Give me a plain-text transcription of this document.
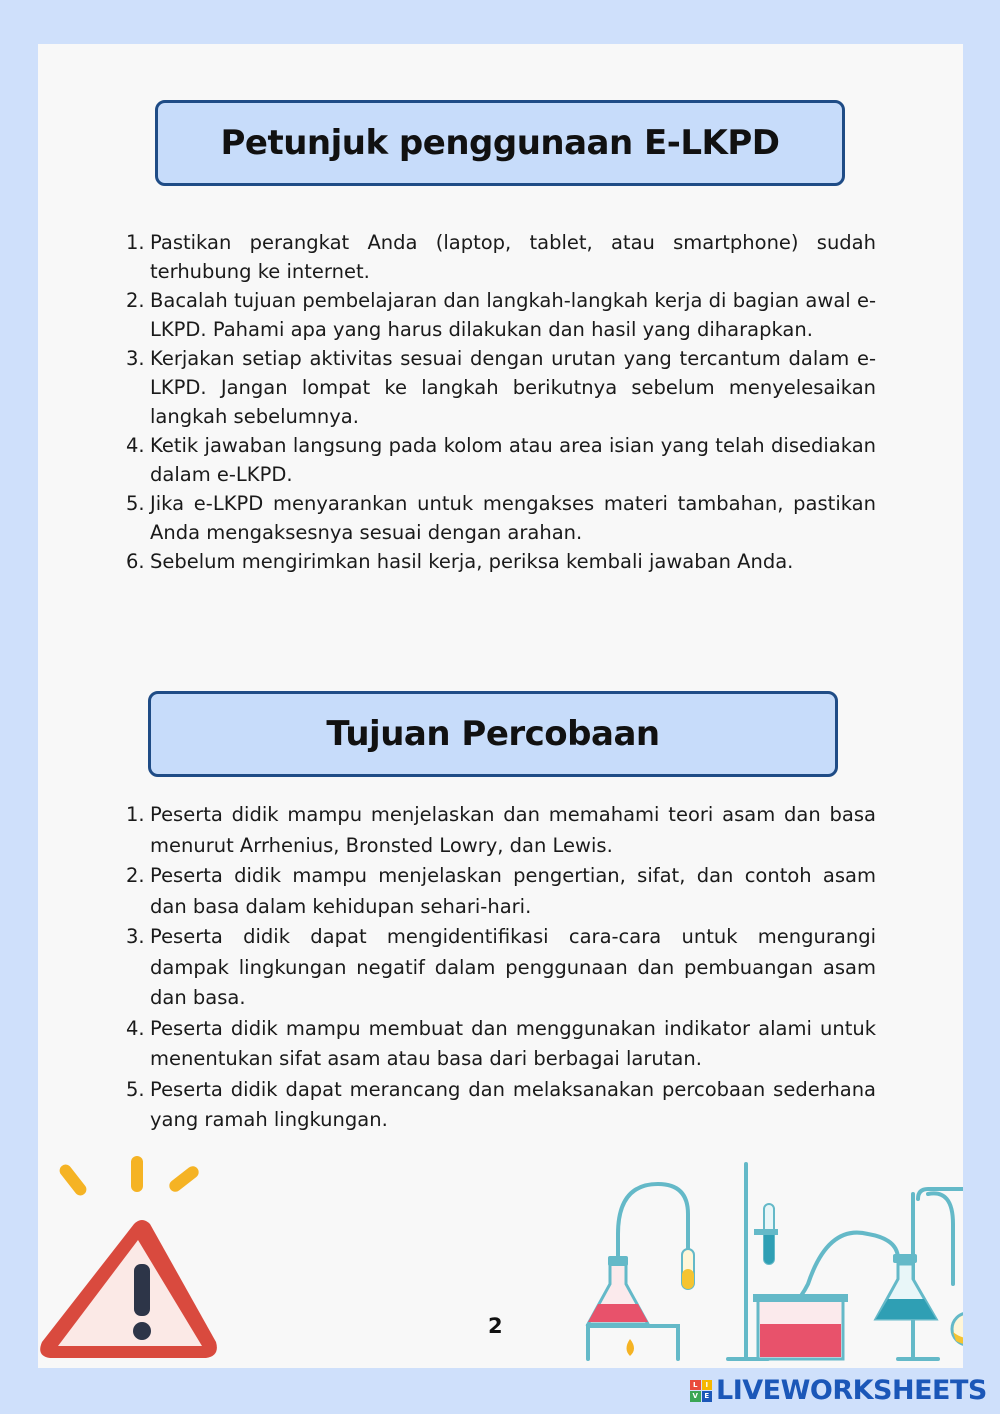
Petunjuk penggunaan E-LKPD
1. Pastikan perangkat Anda (laptop, tablet, atau smartphone) sudah terhubung ke internet.
2. Bacalah tujuan pembelajaran dan langkah-langkah kerja di bagian awal e-LKPD. Pahami apa yang harus dilakukan dan hasil yang diharapkan.
3. Kerjakan setiap aktivitas sesuai dengan urutan yang tercantum dalam e-LKPD. Jangan lompat ke langkah berikutnya sebelum menyelesaikan langkah sebelumnya.
4. Ketik jawaban langsung pada kolom atau area isian yang telah disediakan dalam e-LKPD.
5. Jika e-LKPD menyarankan untuk mengakses materi tambahan, pastikan Anda mengaksesnya sesuai dengan arahan.
6. Sebelum mengirimkan hasil kerja, periksa kembali jawaban Anda.
Tujuan Percobaan
1. Peserta didik mampu menjelaskan dan memahami teori asam dan basa menurut Arrhenius, Bronsted Lowry, dan Lewis.
2. Peserta didik mampu menjelaskan pengertian, sifat, dan contoh asam dan basa dalam kehidupan sehari-hari.
3. Peserta didik dapat mengidentifikasi cara-cara untuk mengurangi dampak lingkungan negatif dalam penggunaan dan pembuangan asam dan basa.
4. Peserta didik mampu membuat dan menggunakan indikator alami untuk menentukan sifat asam atau basa dari berbagai larutan.
5. Peserta didik dapat merancang dan melaksanakan percobaan sederhana yang ramah lingkungan.
2
L	I
V E LIVEWORKSHEETS
